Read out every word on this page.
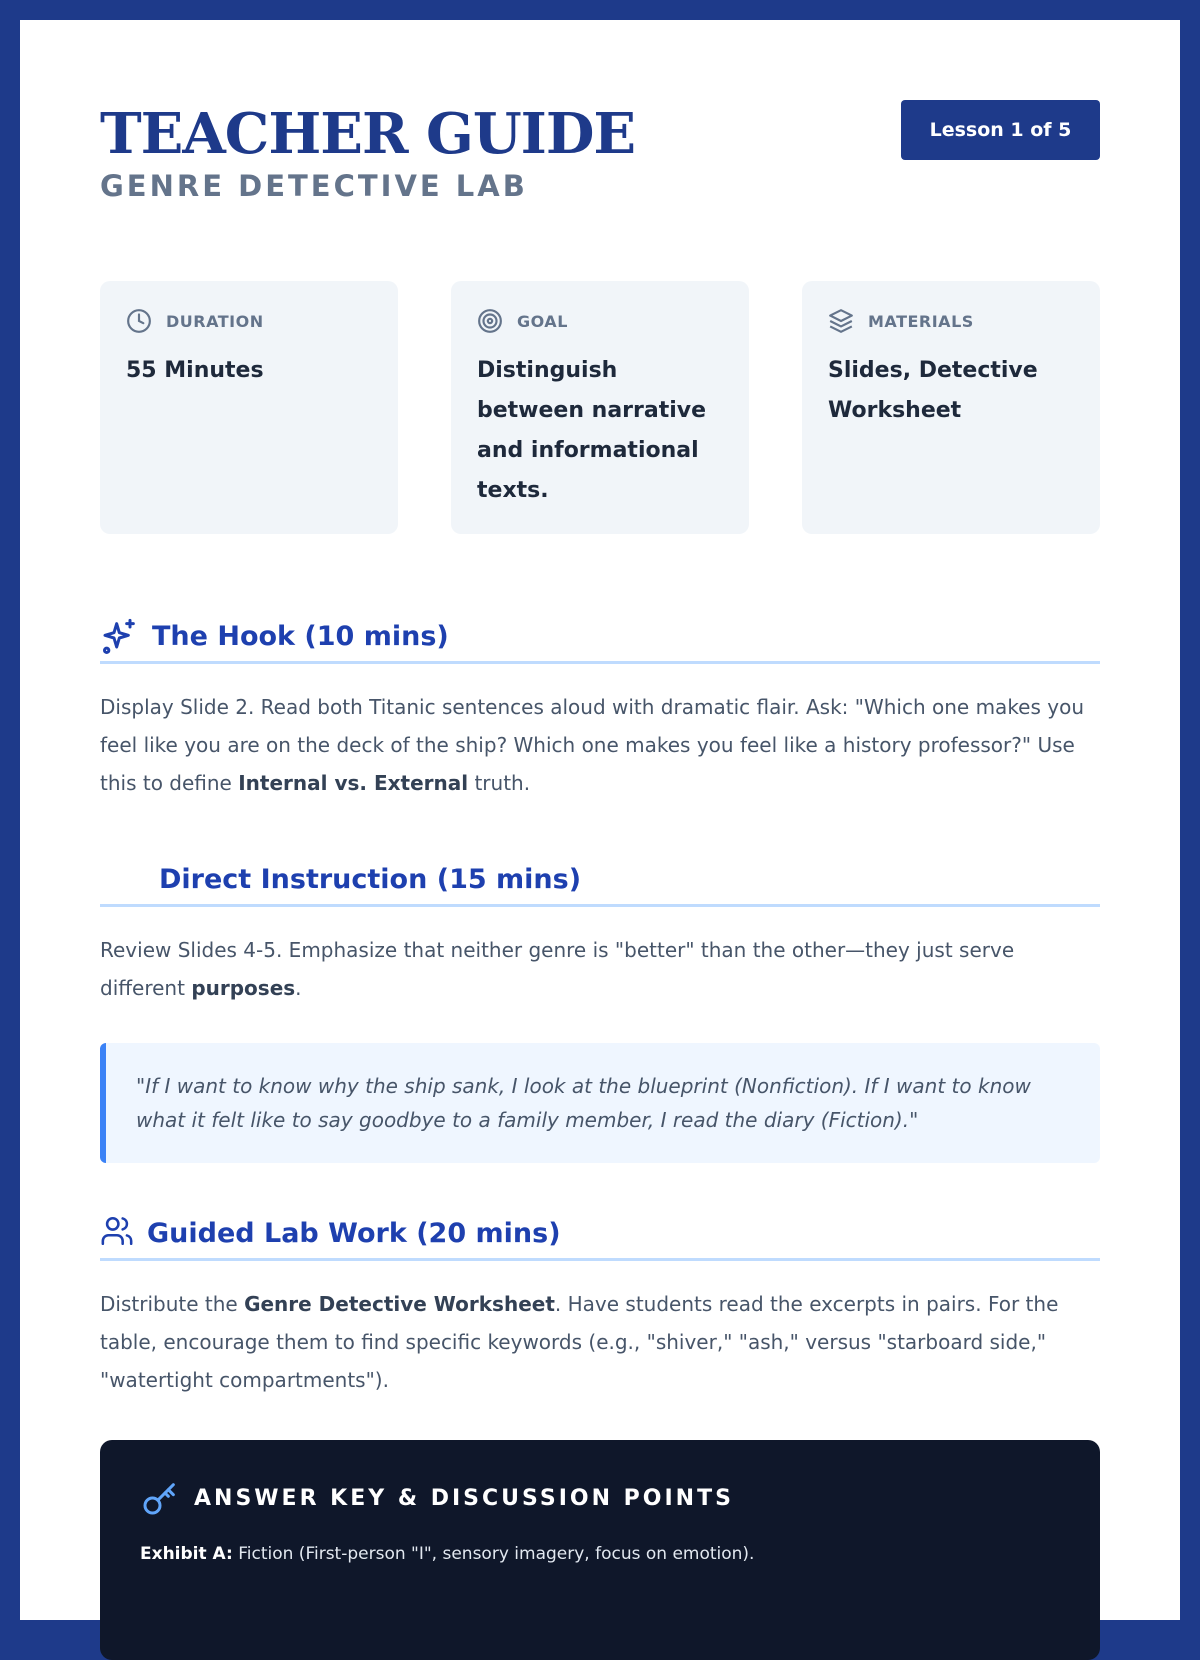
TEACHER GUIDE
GENRE DETECTIVE LAB
Lesson 1 of 5
DURATION
55 Minutes
GOAL
Distinguish between narrative and informational texts.
MATERIALS
Slides, Detective Worksheet
The Hook (10 mins)

Display Slide 2. Read both Titanic sentences aloud with dramatic flair. Ask: "Which one makes you feel like you are on the deck of the ship? Which one makes you feel like a history professor?" Use this to define Internal vs. External truth.

Direct Instruction (15 mins)

Review Slides 4-5. Emphasize that neither genre is "better" than the other—they just serve different purposes.

"If I want to know why the ship sank, I look at the blueprint (Nonfiction). If I want to know what it felt like to say goodbye to a family member, I read the diary (Fiction)."
Guided Lab Work (20 mins)

Distribute the Genre Detective Worksheet. Have students read the excerpts in pairs. For the table, encourage them to find specific keywords (e.g., "shiver," "ash," versus "starboard side," "watertight compartments").

ANSWER KEY & DISCUSSION POINTS

Exhibit A: Fiction (First-person "I", sensory imagery, focus on emotion).
